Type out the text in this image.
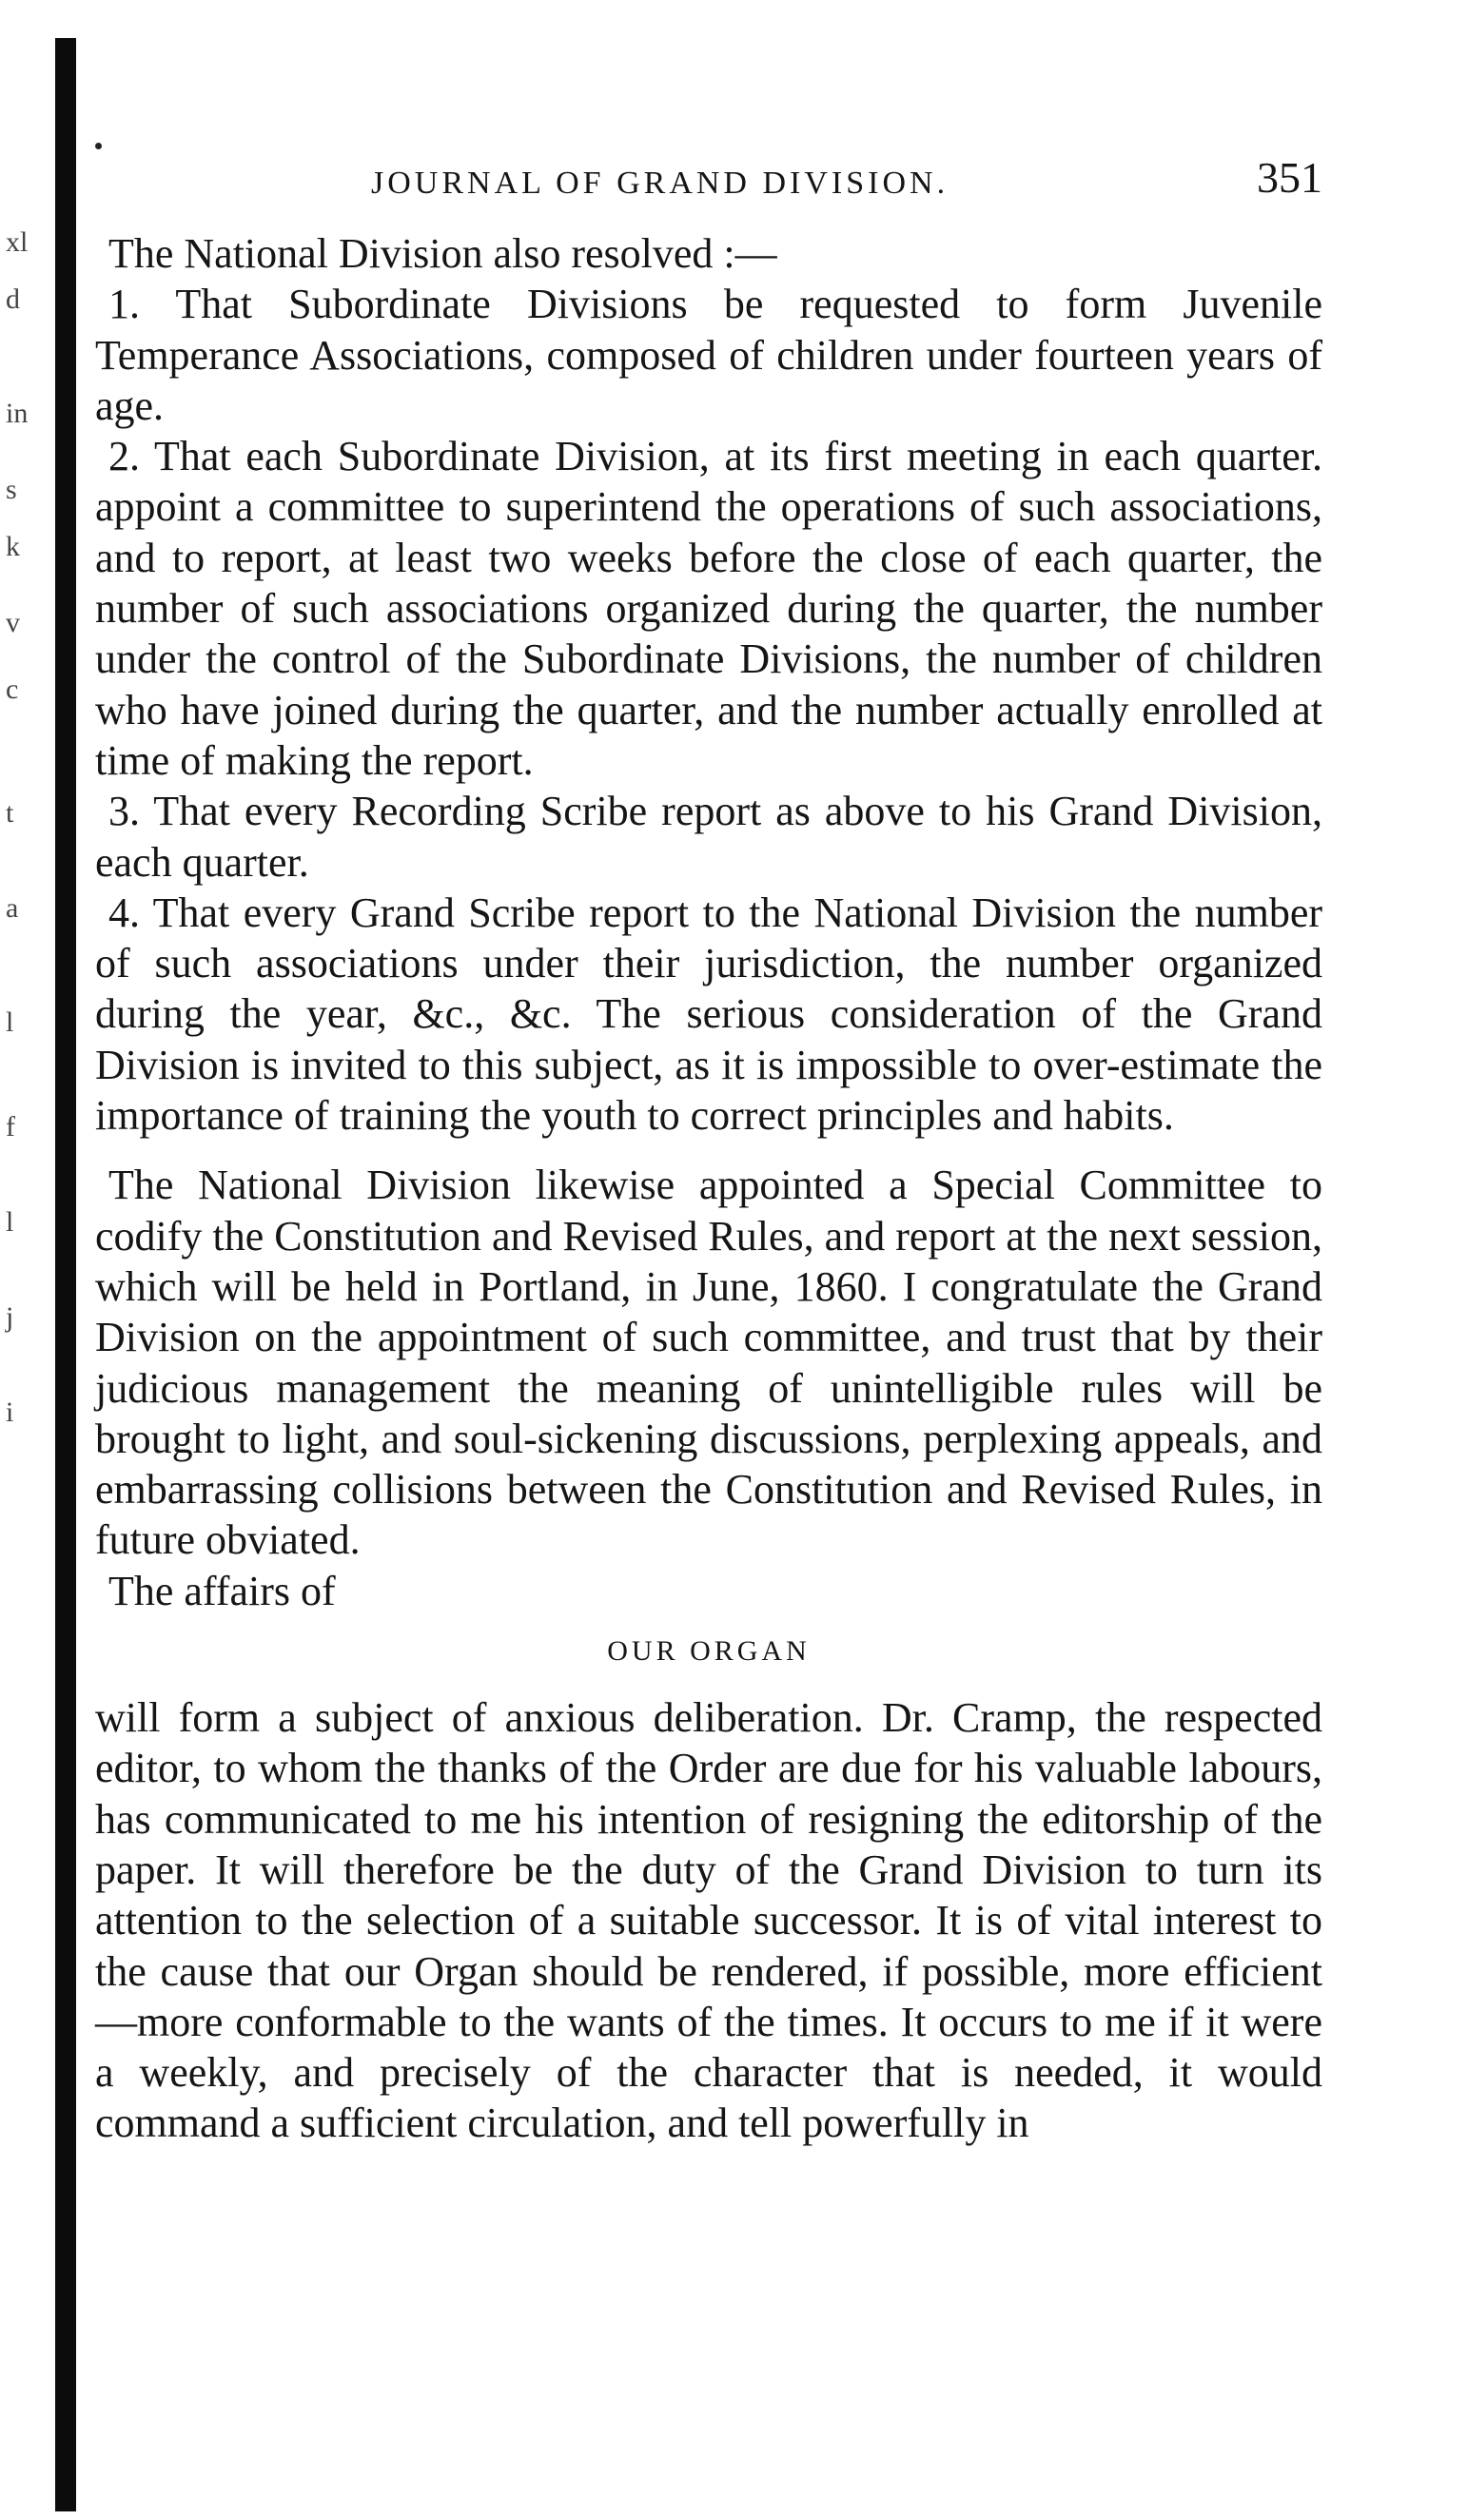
xl
d
in
s
k
v
c
t
a
l
f
l
j
i
JOURNAL OF GRAND DIVISION.	351

The National Division also resolved :—

1. That Subordinate Divisions be requested to form Juvenile Temperance Associations, composed of children under fourteen years of age.

2. That each Subordinate Division, at its first meeting in each quarter. appoint a committee to superintend the operations of such associations, and to report, at least two weeks before the close of each quarter, the number of such associations organized during the quarter, the number under the control of the Subordinate Divisions, the number of children who have joined during the quarter, and the number actually enrolled at time of making the report.

3. That every Recording Scribe report as above to his Grand Division, each quarter.

4. That every Grand Scribe report to the National Division the number of such associations under their jurisdiction, the number organized during the year, &c., &c. The serious consideration of the Grand Division is invited to this subject, as it is impossible to over-estimate the importance of training the youth to correct principles and habits.

The National Division likewise appointed a Special Committee to codify the Constitution and Revised Rules, and report at the next session, which will be held in Portland, in June, 1860. I congratulate the Grand Division on the appointment of such committee, and trust that by their judicious management the meaning of unintelligible rules will be brought to light, and soul-sickening discussions, perplexing appeals, and embarrassing collisions between the Constitution and Revised Rules, in future obviated.

The affairs of

OUR ORGAN

will form a subject of anxious deliberation. Dr. Cramp, the respected editor, to whom the thanks of the Order are due for his valuable labours, has communicated to me his intention of resigning the editorship of the paper. It will therefore be the duty of the Grand Division to turn its attention to the selection of a suitable successor. It is of vital interest to the cause that our Organ should be rendered, if possible, more efficient—more conformable to the wants of the times. It occurs to me if it were a weekly, and precisely of the character that is needed, it would command a sufficient circulation, and tell powerfully in
